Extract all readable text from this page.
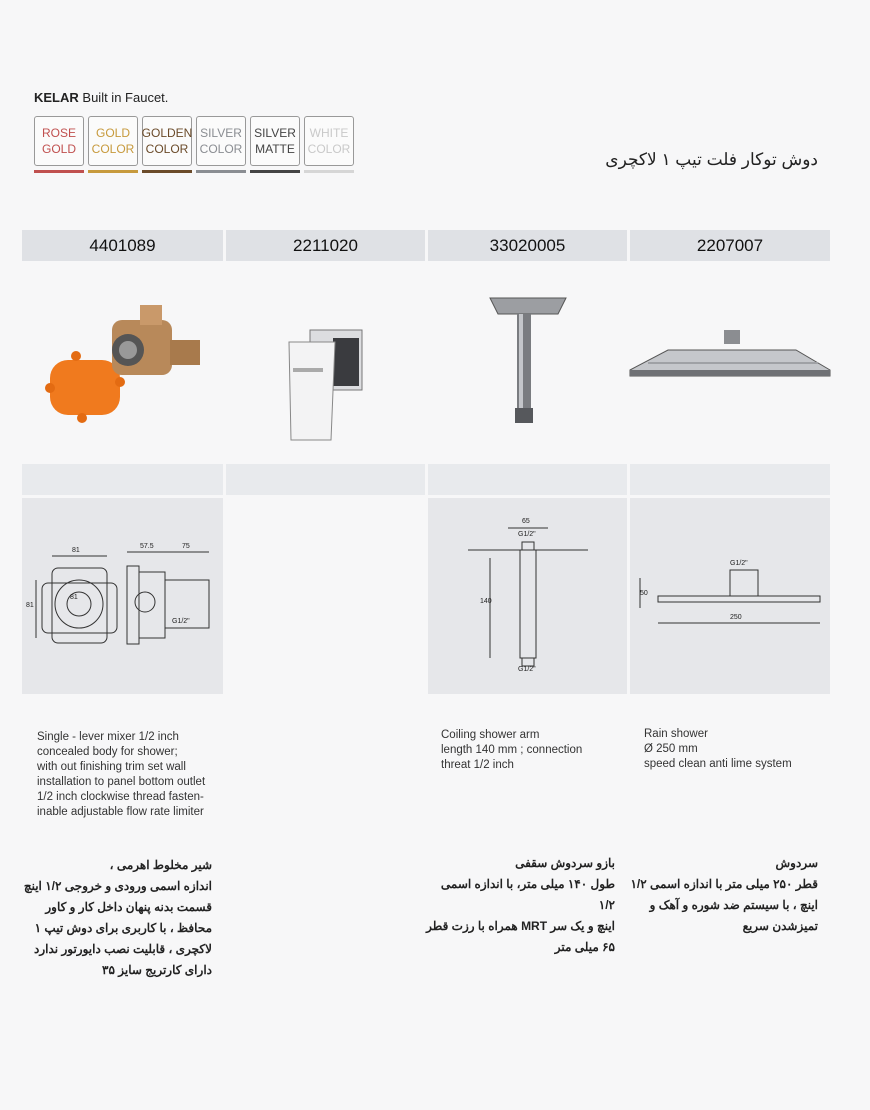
KELAR Built in Faucet.
ROSE
GOLD
GOLD
COLOR
GOLDEN
COLOR
SILVER
COLOR
SILVER
MATTE
WHITE
COLOR
دوش توکار فلت تیپ ۱ لاکچری
4401089	2211020	33020005	2207007
81
57.5	75
81
G1/2"
81
65
G1/2"
140
G1/2"
G1/2"
50
250
Single - lever mixer 1/2 inch
concealed body for shower;
with out finishing trim set wall
installation to panel bottom outlet
1/2 inch clockwise thread fasten-
inable adjustable flow rate limiter
Coiling shower arm
length 140 mm ; connection
threat 1/2 inch
Rain shower
Ø 250 mm
speed clean anti lime system
شیر مخلوط اهرمی ،
اندازه اسمی ورودی و خروجی ۱/۲ اینچ
قسمت بدنه پنهان داخل کار و کاور
محافظ ، با کاربری برای دوش تیپ ۱
لاکچری ، قابلیت نصب دایورتور ندارد
دارای کارتریج سایز ۳۵
بازو سردوش سقفی
طول ۱۴۰ میلی متر، با اندازه اسمی ۱/۲
اینچ و یک سر MRT همراه با رزت قطر
۶۵ میلی متر
سردوش
قطر ۲۵۰ میلی متر با اندازه اسمی ۱/۲
اینچ ، با سیستم ضد شوره و آهک و
تمیزشدن سریع
